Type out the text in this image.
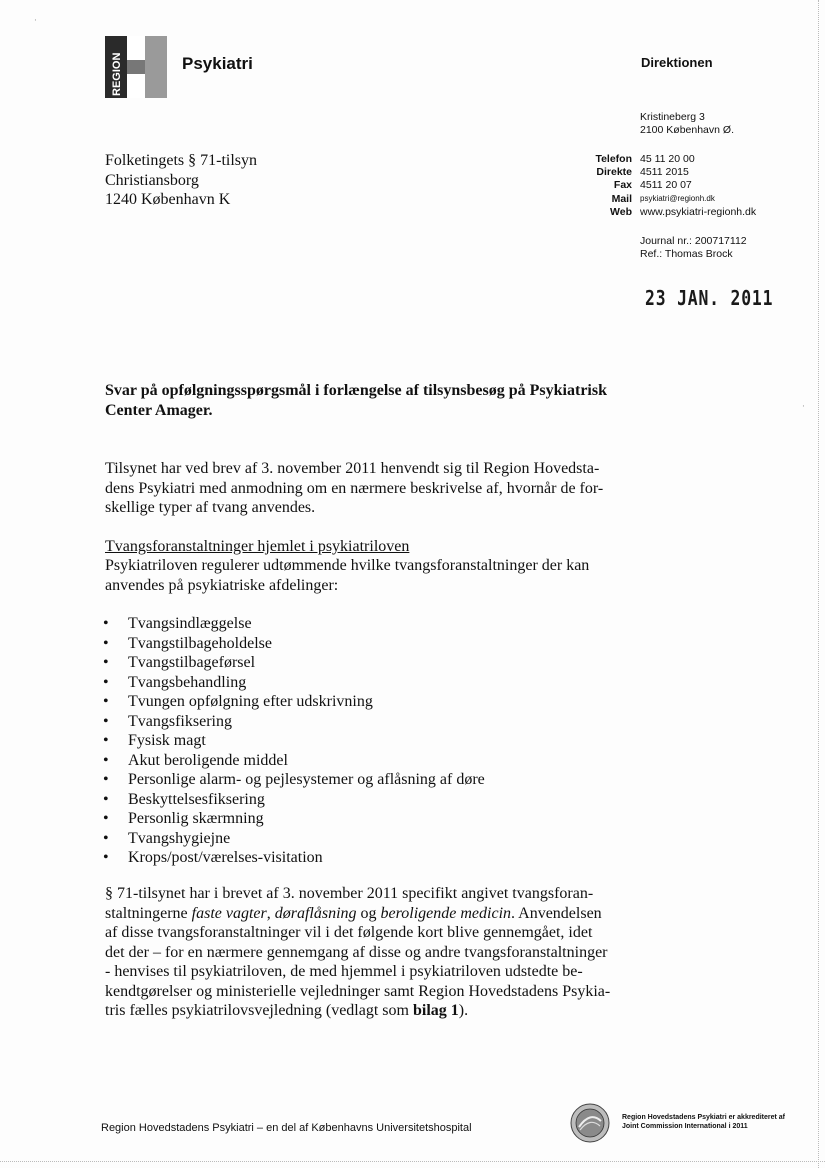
·
·
REGION	Psykiatri	Direktionen
Kristineberg 3
2100 København Ø.
Telefon 45 11 20 00
Direkte 4511 2015
Fax 4511 20 07
Mail	psykiatri@regionh.dk
Web www.psykiatri-regionh.dk
Journal nr.: 200717112
Ref.: Thomas Brock
23 JAN. 2011
Folketingets § 71-tilsyn
Christiansborg
1240 København K
Svar på opfølgningsspørgsmål i forlængelse af tilsynsbesøg på Psykiatrisk
Center Amager.
Tilsynet har ved brev af 3. november 2011 henvendt sig til Region Hovedsta-
dens Psykiatri med anmodning om en nærmere beskrivelse af, hvornår de for-
skellige typer af tvang anvendes.
Tvangsforanstaltninger hjemlet i psykiatriloven
Psykiatriloven regulerer udtømmende hvilke tvangsforanstaltninger der kan
anvendes på psykiatriske afdelinger:
•	Tvangsindlæggelse
•	Tvangstilbageholdelse
•	Tvangstilbageførsel
•	Tvangsbehandling
•	Tvungen opfølgning efter udskrivning
•	Tvangsfiksering
•	Fysisk magt
•	Akut beroligende middel
•	Personlige alarm- og pejlesystemer og aflåsning af døre
•	Beskyttelsesfiksering
•	Personlig skærmning
•	Tvangshygiejne
•	Krops/post/værelses-visitation
§ 71-tilsynet har i brevet af 3. november 2011 specifikt angivet tvangsforan-
staltningerne faste vagter, døraflåsning og beroligende medicin. Anvendelsen
af disse tvangsforanstaltninger vil i det følgende kort blive gennemgået, idet
det der – for en nærmere gennemgang af disse og andre tvangsforanstaltninger
- henvises til psykiatriloven, de med hjemmel i psykiatriloven udstedte be-
kendtgørelser og ministerielle vejledninger samt Region Hovedstadens Psykia-
tris fælles psykiatrilovsvejledning (vedlagt som bilag 1).
Region Hovedstadens Psykiatri – en del af Københavns Universitetshospital
Region Hovedstadens Psykiatri er akkrediteret af
Joint Commission International i 2011
